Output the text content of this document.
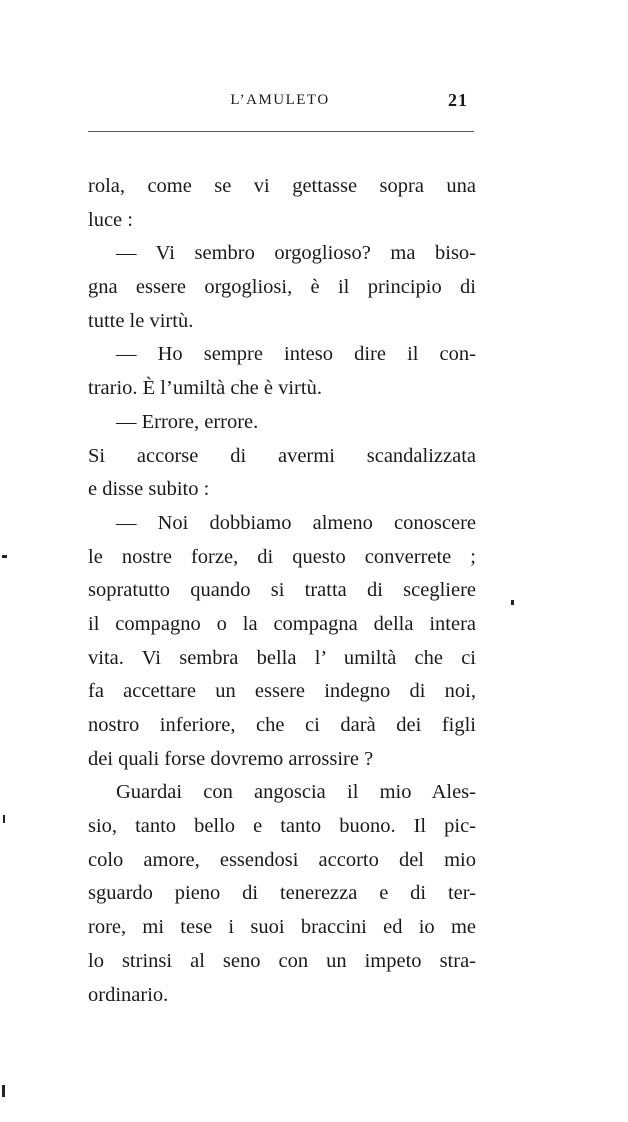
L’AMULETO	21
rola, come se vi gettasse sopra una
luce :
— Vi sembro orgoglioso? ma biso-
gna essere orgogliosi, è il principio di
tutte le virtù.
— Ho sempre inteso dire il con-
trario. È l’umiltà che è virtù.
— Errore, errore.
Si accorse di avermi scandalizzata
e disse subito :
— Noi dobbiamo almeno conoscere
le nostre forze, di questo converrete ;
sopratutto quando si tratta di scegliere
il compagno o la compagna della intera
vita. Vi sembra bella l’ umiltà che ci
fa accettare un essere indegno di noi,
nostro inferiore, che ci darà dei figli
dei quali forse dovremo arrossire ?
Guardai con angoscia il mio Ales-
sio, tanto bello e tanto buono. Il pic-
colo amore, essendosi accorto del mio
sguardo pieno di tenerezza e di ter-
rore, mi tese i suoi braccini ed io me
lo strinsi al seno con un impeto stra-
ordinario.
